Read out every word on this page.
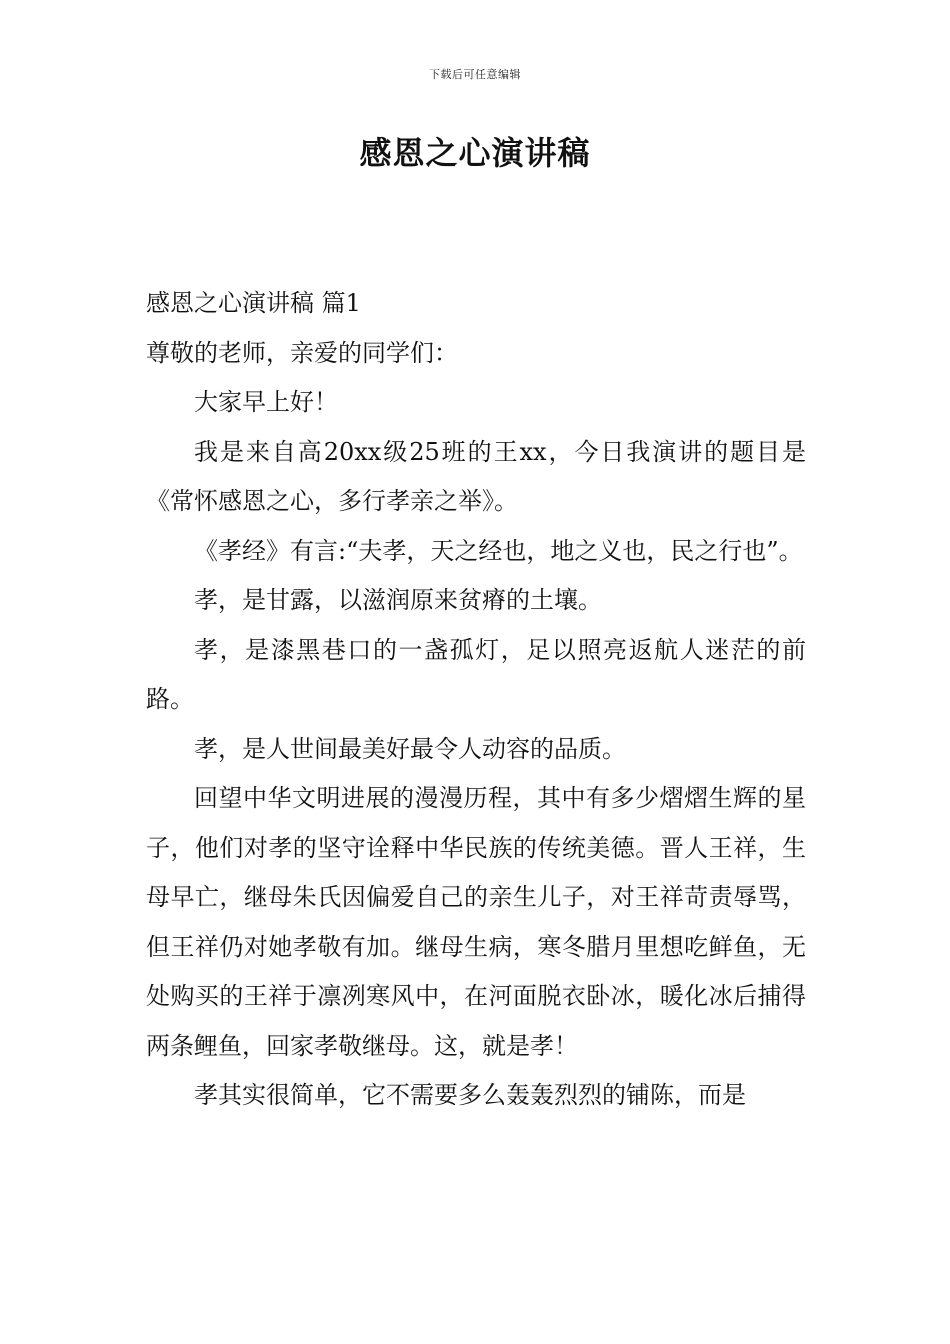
下载后可任意编辑
感恩之心演讲稿

感恩之心演讲稿 篇1

尊敬的老师，亲爱的同学们：

大家早上好！

我是来自高20xx级25班的王xx，今日我演讲的题目是《常怀感恩之心，多行孝亲之举》。

《孝经》有言:“夫孝，天之经也，地之义也，民之行也”。

孝，是甘露，以滋润原来贫瘠的土壤。

孝，是漆黑巷口的一盏孤灯，足以照亮返航人迷茫的前路。

孝，是人世间最美好最令人动容的品质。

回望中华文明进展的漫漫历程，其中有多少熠熠生辉的星子，他们对孝的坚守诠释中华民族的传统美德。晋人王祥，生母早亡，继母朱氏因偏爱自己的亲生儿子，对王祥苛责辱骂，但王祥仍对她孝敬有加。继母生病，寒冬腊月里想吃鲜鱼，无处购买的王祥于凛冽寒风中，在河面脱衣卧冰，暖化冰后捕得两条鲤鱼，回家孝敬继母。这，就是孝！

孝其实很简单，它不需要多么轰轰烈烈的铺陈，而是
